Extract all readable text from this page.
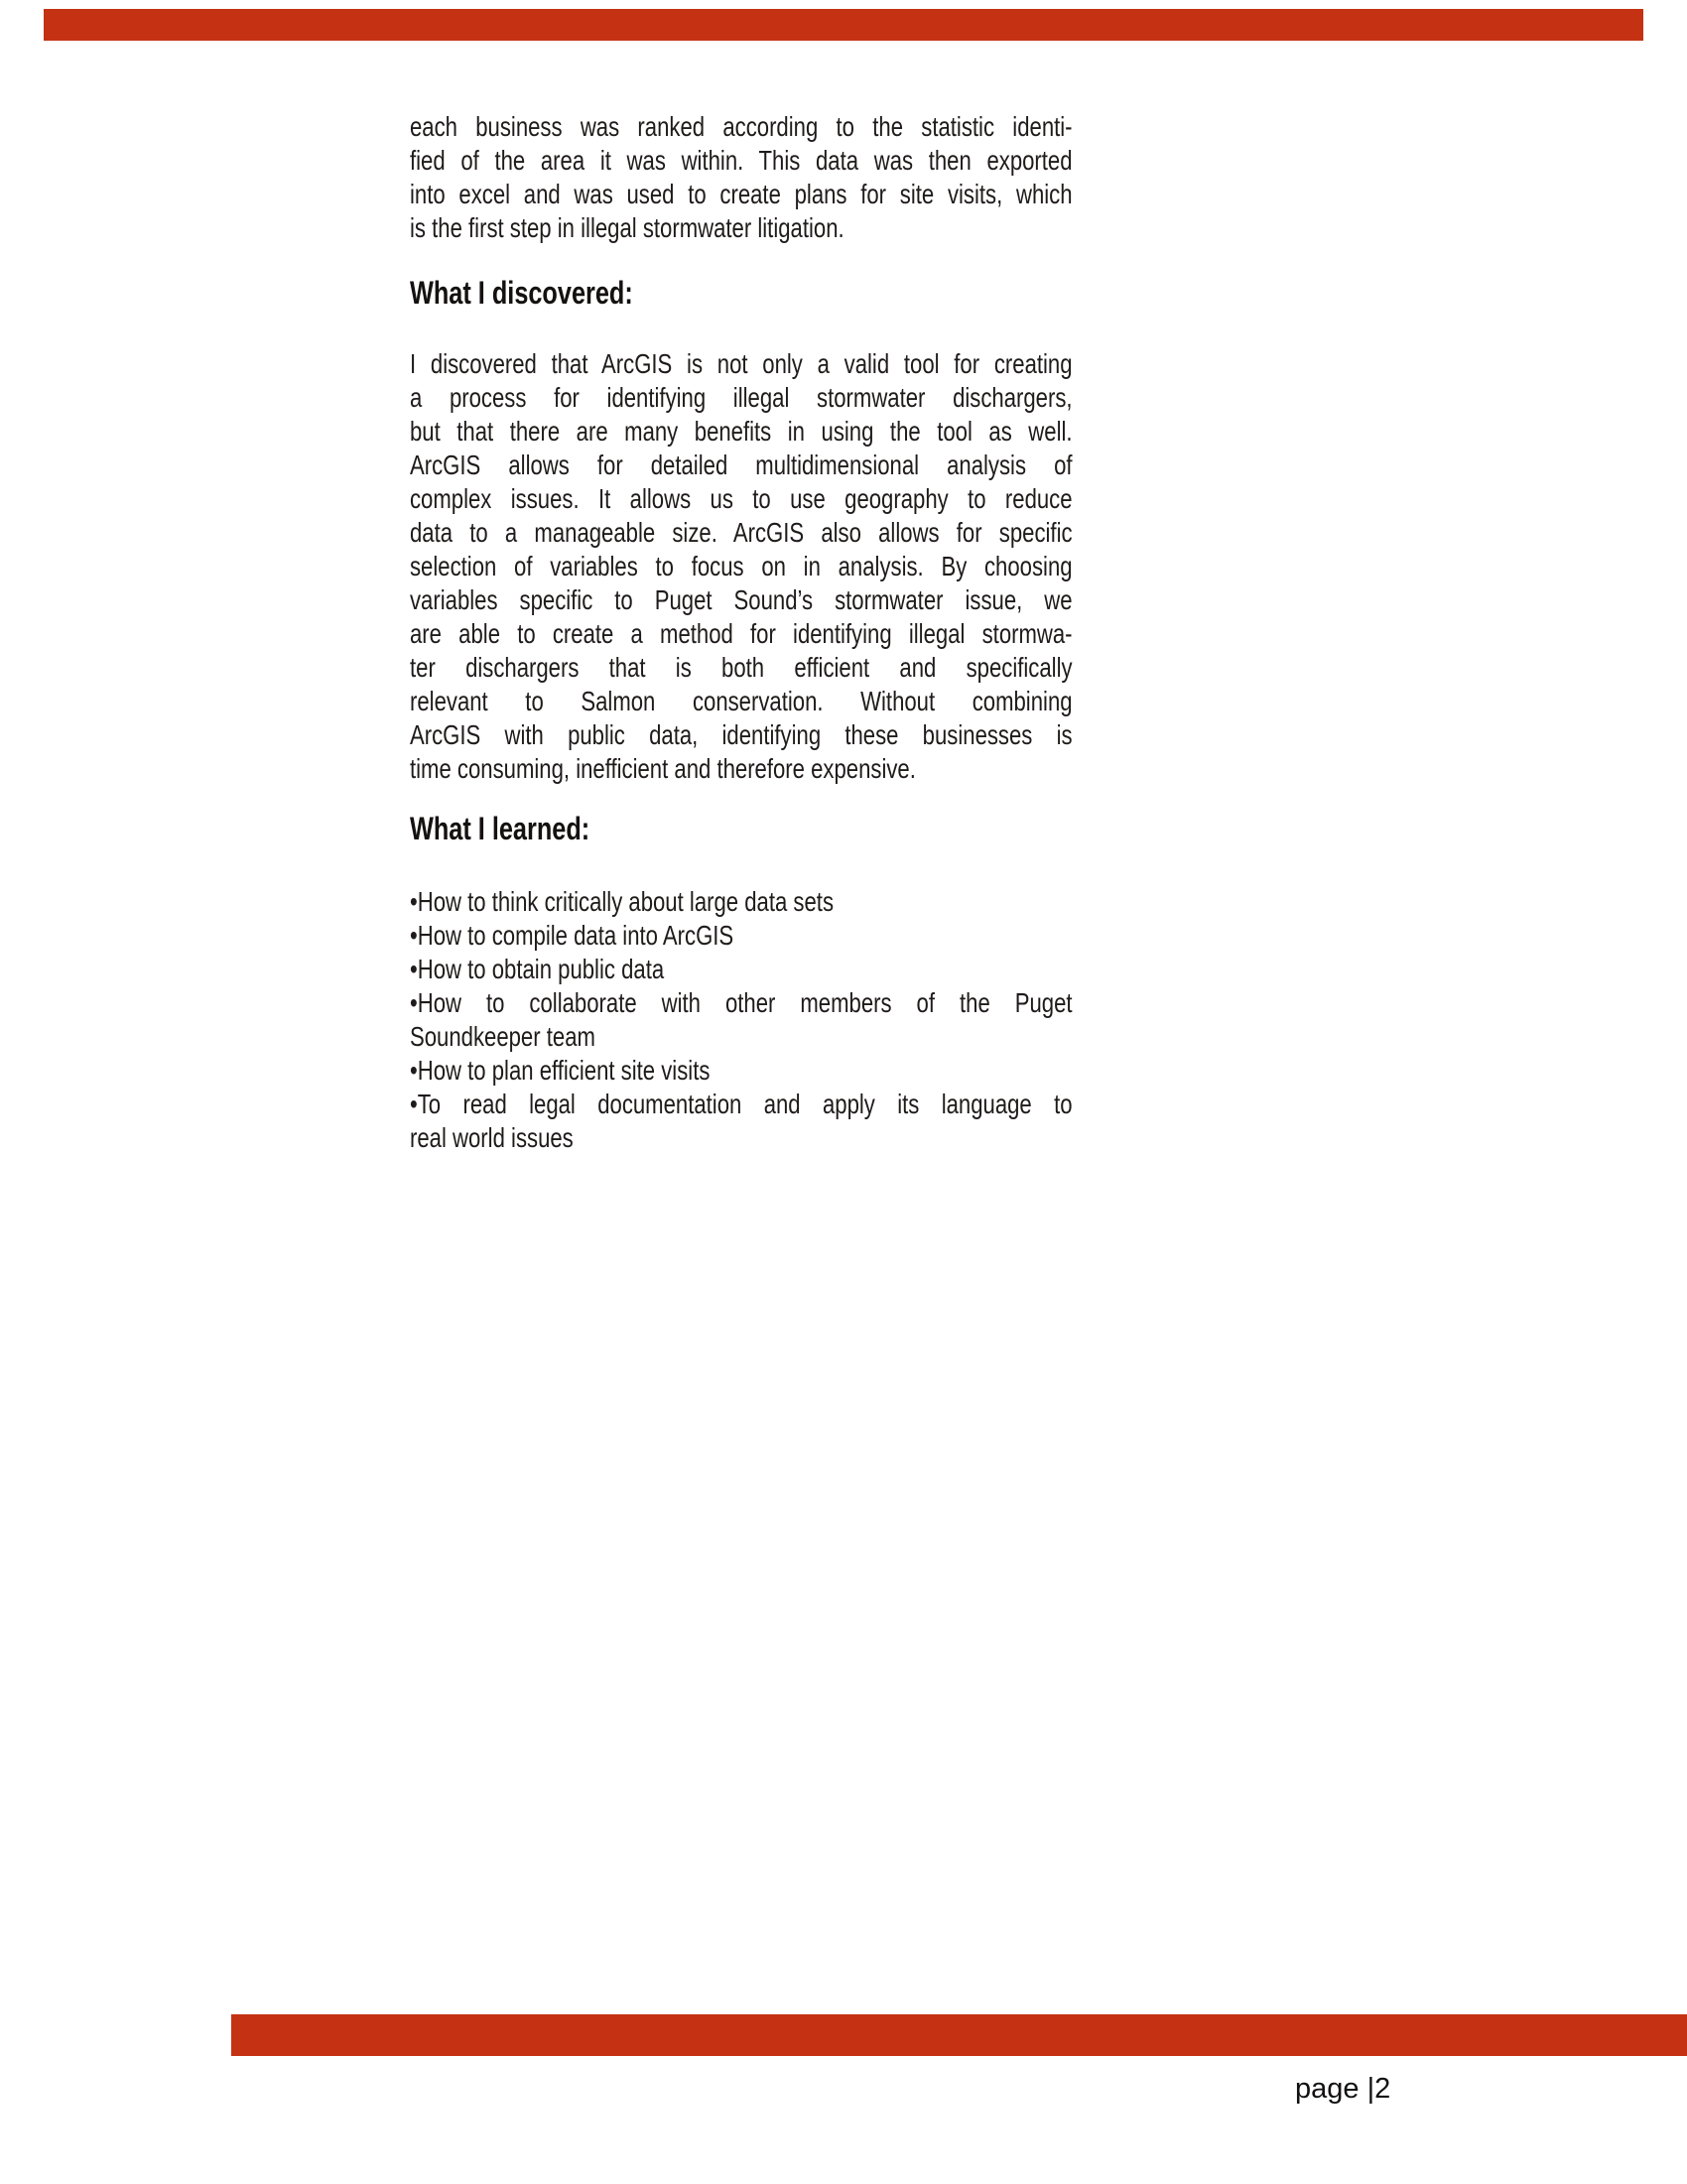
each business was ranked according to the statistic identi-
fied of the area it was within. This data was then exported
into excel and was used to create plans for site visits, which
is the first step in illegal stormwater litigation.
What I discovered:
I discovered that ArcGIS is not only a valid tool for creating
a process for identifying illegal stormwater dischargers,
but that there are many benefits in using the tool as well.
ArcGIS allows for detailed multidimensional analysis of
complex issues. It allows us to use geography to reduce
data to a manageable size. ArcGIS also allows for specific
selection of variables to focus on in analysis. By choosing
variables specific to Puget Sound’s stormwater issue, we
are able to create a method for identifying illegal stormwa-
ter dischargers that is both efficient and specifically
relevant to Salmon conservation. Without combining
ArcGIS with public data, identifying these businesses is
time consuming, inefficient and therefore expensive.
What I learned:
•How to think critically about large data sets
•How to compile data into ArcGIS
•How to obtain public data
•How to collaborate with other members of the Puget
Soundkeeper team
•How to plan efficient site visits
•To read legal documentation and apply its language to
real world issues
page |2
